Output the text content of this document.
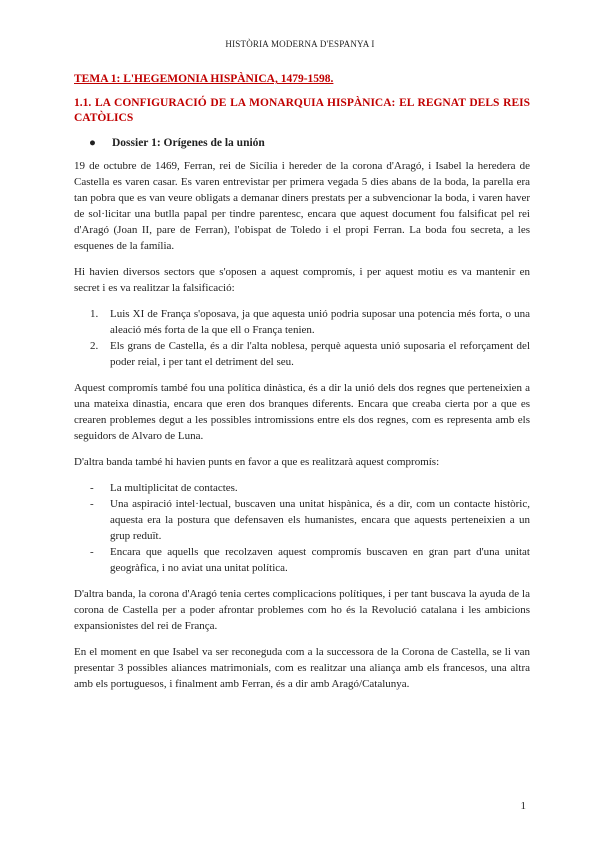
HISTÒRIA MODERNA D'ESPANYA I
TEMA 1: L'HEGEMONIA HISPÀNICA, 1479-1598.
1.1. LA CONFIGURACIÓ DE LA MONARQUIA HISPÀNICA: EL REGNAT DELS REIS CATÒLICS
●	Dossier 1: Orígenes de la unión

19 de octubre de 1469, Ferran, rei de Sicília i hereder de la corona d'Aragó, i Isabel la heredera de Castella es varen casar. Es varen entrevistar per primera vegada 5 dies abans de la boda, la parella era tan pobra que es van veure obligats a demanar diners prestats per a subvencionar la boda, i varen haver de sol·licitar una butlla papal per tindre parentesc, encara que aquest document fou falsificat pel rei d'Aragó (Joan II, pare de Ferran), l'obispat de Toledo i el propi Ferran. La boda fou secreta, a les esquenes de la família.

Hi havien diversos sectors que s'oposen a aquest compromís, i per aquest motiu es va mantenir en secret i es va realitzar la falsificació:

1.	Luis XI de França s'oposava, ja que aquesta unió podria suposar una potencia més forta, o una aleació més forta de la que ell o França tenien.
2.	Els grans de Castella, és a dir l'alta noblesa, perquè aquesta unió suposaria el reforçament del poder reial, i per tant el detriment del seu.

Aquest compromís també fou una política dinàstica, és a dir la unió dels dos regnes que perteneixien a una mateixa dinastia, encara que eren dos branques diferents. Encara que creaba cierta por a que es crearen problemes degut a les possibles intromissions entre els dos regnes, com es representa amb els seguidors de Alvaro de Luna.

D'altra banda també hi havien punts en favor a que es realitzarà aquest compromís:

-	La multiplicitat de contactes.
-	Una aspiració intel·lectual, buscaven una unitat hispànica, és a dir, com un contacte històric, aquesta era la postura que defensaven els humanistes, encara que aquests perteneixien a un grup reduït.
-	Encara que aquells que recolzaven aquest compromís buscaven en gran part d'una unitat geogràfica, i no aviat una unitat política.

D'altra banda, la corona d'Aragó tenia certes complicacions polítiques, i per tant buscava la ayuda de la corona de Castella per a poder afrontar problemes com ho és la Revolució catalana i les ambicions expansionistes del rei de França.

En el moment en que Isabel va ser reconeguda com a la successora de la Corona de Castella, se li van presentar 3 possibles aliances matrimonials, com es realitzar una aliança amb els francesos, una altra amb els portuguesos, i finalment amb Ferran, és a dir amb Aragó/Catalunya.

1
